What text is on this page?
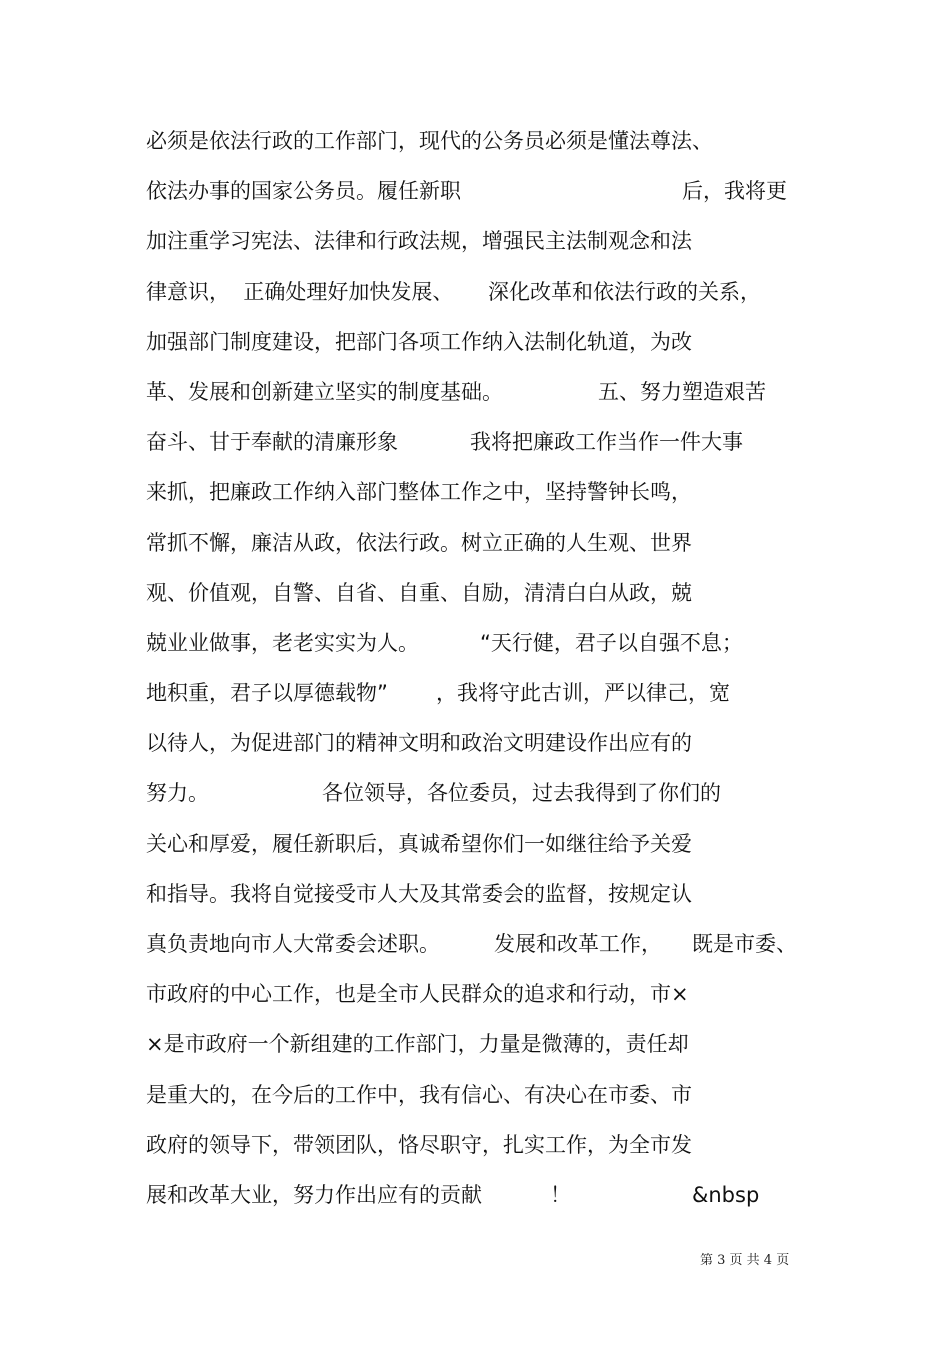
必须是依法行政的工作部门，现代的公务员必须是懂法尊法、
依法办事的国家公务员。履任新职	后，我将更
加注重学习宪法、法律和行政法规，增强民主法制观念和法
律意识，  正确处理好加快发展、 深化改革和依法行政的关系，
加强部门制度建设，把部门各项工作纳入法制化轨道，为改
革、发展和创新建立坚实的制度基础。	五、努力塑造艰苦
奋斗、甘于奉献的清廉形象	我将把廉政工作当作一件大事
来抓，把廉政工作纳入部门整体工作之中，坚持警钟长鸣，
常抓不懈，廉洁从政，依法行政。树立正确的人生观、世界
观、价值观，自警、自省、自重、自励，清清白白从政，兢
兢业业做事，老老实实为人。	“天行健，君子以自强不息；
地积重，君子以厚德载物” ，我将守此古训，严以律己，宽
以待人，为促进部门的精神文明和政治文明建设作出应有的
努力。	各位领导，各位委员，过去我得到了你们的
关心和厚爱，履任新职后，真诚希望你们一如继往给予关爱
和指导。我将自觉接受市人大及其常委会的监督，按规定认
真负责地向市人大常委会述职。	发展和改革工作， 既是市委、
市政府的中心工作，也是全市人民群众的追求和行动，市×
×是市政府一个新组建的工作部门，力量是微薄的，责任却
是重大的，在今后的工作中，我有信心、有决心在市委、市
政府的领导下，带领团队，恪尽职守，扎实工作，为全市发
展和改革大业，努力作出应有的贡献	！	&nbsp
第 3 页 共 4 页
